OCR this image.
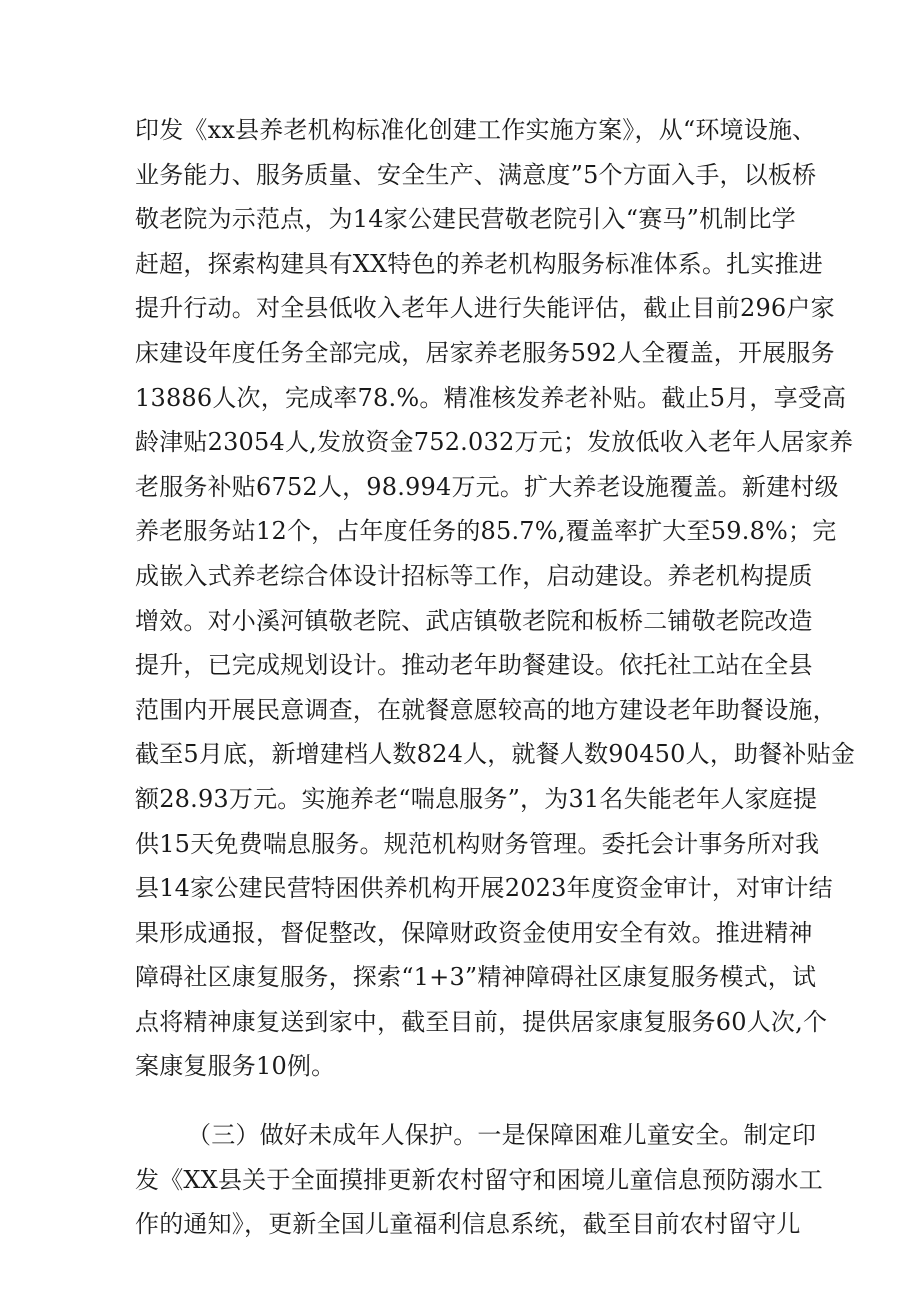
印发《xx县养老机构标准化创建工作实施方案》，从“环境设施、
业务能力、服务质量、安全生产、满意度”5个方面入手，以板桥
敬老院为示范点，为14家公建民营敬老院引入“赛马”机制比学
赶超，探索构建具有XX特色的养老机构服务标准体系。扎实推进
提升行动。对全县低收入老年人进行失能评估，截止目前296户家
床建设年度任务全部完成，居家养老服务592人全覆盖，开展服务
13886人次，完成率78.%。精准核发养老补贴。截止5月，享受高
龄津贴23054人,发放资金752.032万元；发放低收入老年人居家养
老服务补贴6752人，98.994万元。扩大养老设施覆盖。新建村级
养老服务站12个，占年度任务的85.7%,覆盖率扩大至59.8%；完
成嵌入式养老综合体设计招标等工作，启动建设。养老机构提质
增效。对小溪河镇敬老院、武店镇敬老院和板桥二铺敬老院改造
提升，已完成规划设计。推动老年助餐建设。依托社工站在全县
范围内开展民意调查，在就餐意愿较高的地方建设老年助餐设施，
截至5月底，新增建档人数824人，就餐人数90450人，助餐补贴金
额28.93万元。实施养老“喘息服务”，为31名失能老年人家庭提
供15天免费喘息服务。规范机构财务管理。委托会计事务所对我
县14家公建民营特困供养机构开展2023年度资金审计，对审计结
果形成通报，督促整改，保障财政资金使用安全有效。推进精神
障碍社区康复服务，探索“1+3”精神障碍社区康复服务模式，试
点将精神康复送到家中，截至目前，提供居家康复服务60人次,个
案康复服务10例。
（三）做好未成年人保护。一是保障困难儿童安全。制定印
发《XX县关于全面摸排更新农村留守和困境儿童信息预防溺水工
作的通知》，更新全国儿童福利信息系统，截至目前农村留守儿
